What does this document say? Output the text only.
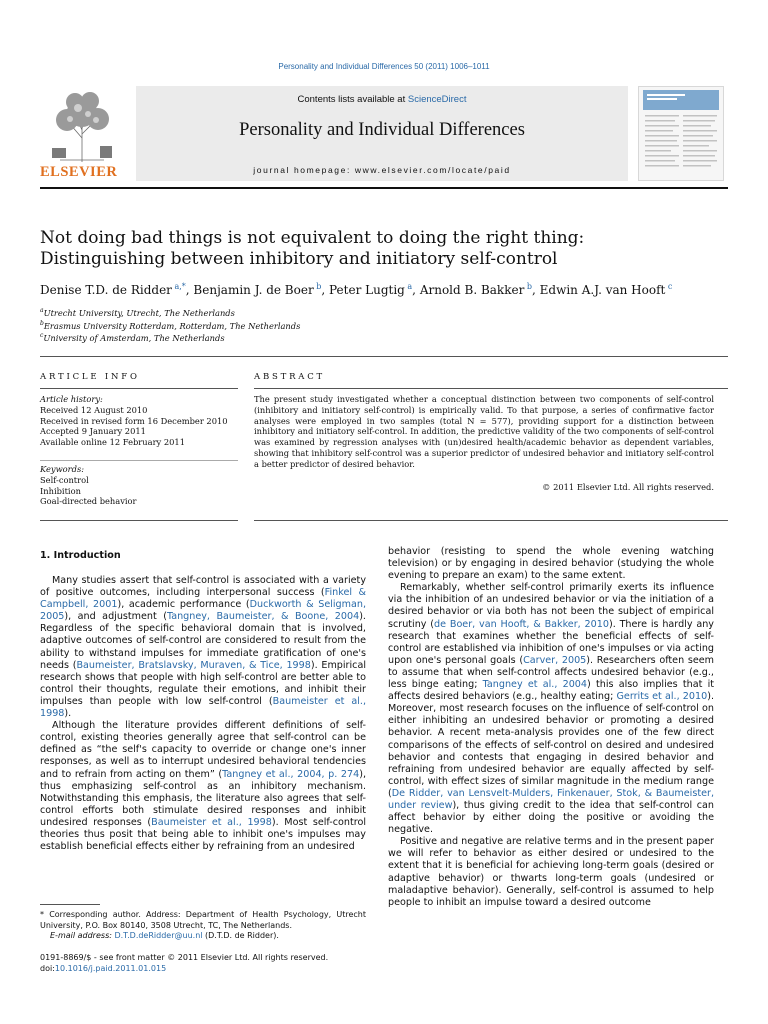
Personality and Individual Differences 50 (2011) 1006–1011
Contents lists available at ScienceDirect
Personality and Individual Differences
journal homepage: www.elsevier.com/locate/paid
ELSEVIER
Not doing bad things is not equivalent to doing the right thing:
Distinguishing between inhibitory and initiatory self-control
Denise T.D. de Ridder $^{a,*}$, Benjamin J. de Boer $^b$, Peter Lugtig $^a$, Arnold B. Bakker $^b$, Edwin A.J. van Hooft $^c$
$^a$Utrecht University, Utrecht, The Netherlands
$^b$Erasmus University Rotterdam, Rotterdam, The Netherlands
$^c$University of Amsterdam, The Netherlands
ARTICLE INFO	ABSTRACT
Article history:
Received 12 August 2010
Received in revised form 16 December 2010
Accepted 9 January 2011
Available online 12 February 2011
Keywords:
Self-control
Inhibition
Goal-directed behavior
The present study investigated whether a conceptual distinction between two components of self-control (inhibitory and initiatory self-control) is empirically valid. To that purpose, a series of confirmative factor analyses were employed in two samples (total N = 577), providing support for a distinction between inhibitory and initiatory self-control. In addition, the predictive validity of the two components of self-control was examined by regression analyses with (un)desired health/academic behavior as dependent variables, showing that inhibitory self-control was a superior predictor of undesired behavior and initiatory self-control a better predictor of desired behavior.
© 2011 Elsevier Ltd. All rights reserved.
1. Introduction

Many studies assert that self-control is associated with a variety of positive outcomes, including interpersonal success (Finkel & Campbell, 2001), academic performance (Duckworth & Seligman, 2005), and adjustment (Tangney, Baumeister, & Boone, 2004). Regardless of the specific behavioral domain that is involved, adaptive outcomes of self-control are considered to result from the ability to withstand impulses for immediate gratification of one's needs (Baumeister, Bratslavsky, Muraven, & Tice, 1998). Empirical research shows that people with high self-control are better able to control their thoughts, regulate their emotions, and inhibit their impulses than people with low self-control (Baumeister et al., 1998).

Although the literature provides different definitions of self-control, existing theories generally agree that self-control can be defined as “the self's capacity to override or change one's inner responses, as well as to interrupt undesired behavioral tendencies and to refrain from acting on them” (Tangney et al., 2004, p. 274), thus emphasizing self-control as an inhibitory mechanism. Notwithstanding this emphasis, the literature also agrees that self-control efforts both stimulate desired responses and inhibit undesired responses (Baumeister et al., 1998). Most self-control theories thus posit that being able to inhibit one's impulses may establish beneficial effects either by refraining from an undesired

behavior (resisting to spend the whole evening watching television) or by engaging in desired behavior (studying the whole evening to prepare an exam) to the same extent.

Remarkably, whether self-control primarily exerts its influence via the inhibition of an undesired behavior or via the initiation of a desired behavior or via both has not been the subject of empirical scrutiny (de Boer, van Hooft, & Bakker, 2010). There is hardly any research that examines whether the beneficial effects of self-control are established via inhibition of one's impulses or via acting upon one's personal goals (Carver, 2005). Researchers often seem to assume that when self-control affects undesired behavior (e.g., less binge eating; Tangney et al., 2004) this also implies that it affects desired behaviors (e.g., healthy eating; Gerrits et al., 2010). Moreover, most research focuses on the influence of self-control on either inhibiting an undesired behavior or promoting a desired behavior. A recent meta-analysis provides one of the few direct comparisons of the effects of self-control on desired and undesired behavior and contests that engaging in desired behavior and refraining from undesired behavior are equally affected by self-control, with effect sizes of similar magnitude in the medium range (De Ridder, van Lensvelt-Mulders, Finkenauer, Stok, & Baumeister, under review), thus giving credit to the idea that self-control can affect behavior by either doing the positive or avoiding the negative.

Positive and negative are relative terms and in the present paper we will refer to behavior as either desired or undesired to the extent that it is beneficial for achieving long-term goals (desired or adaptive behavior) or thwarts long-term goals (undesired or maladaptive behavior). Generally, self-control is assumed to help people to inhibit an impulse toward a desired outcome

* Corresponding author. Address: Department of Health Psychology, Utrecht University, P.O. Box 80140, 3508 Utrecht, TC, The Netherlands.
E-mail address: D.T.D.deRidder@uu.nl (D.T.D. de Ridder).
0191-8869/$ - see front matter © 2011 Elsevier Ltd. All rights reserved.
doi:10.1016/j.paid.2011.01.015
